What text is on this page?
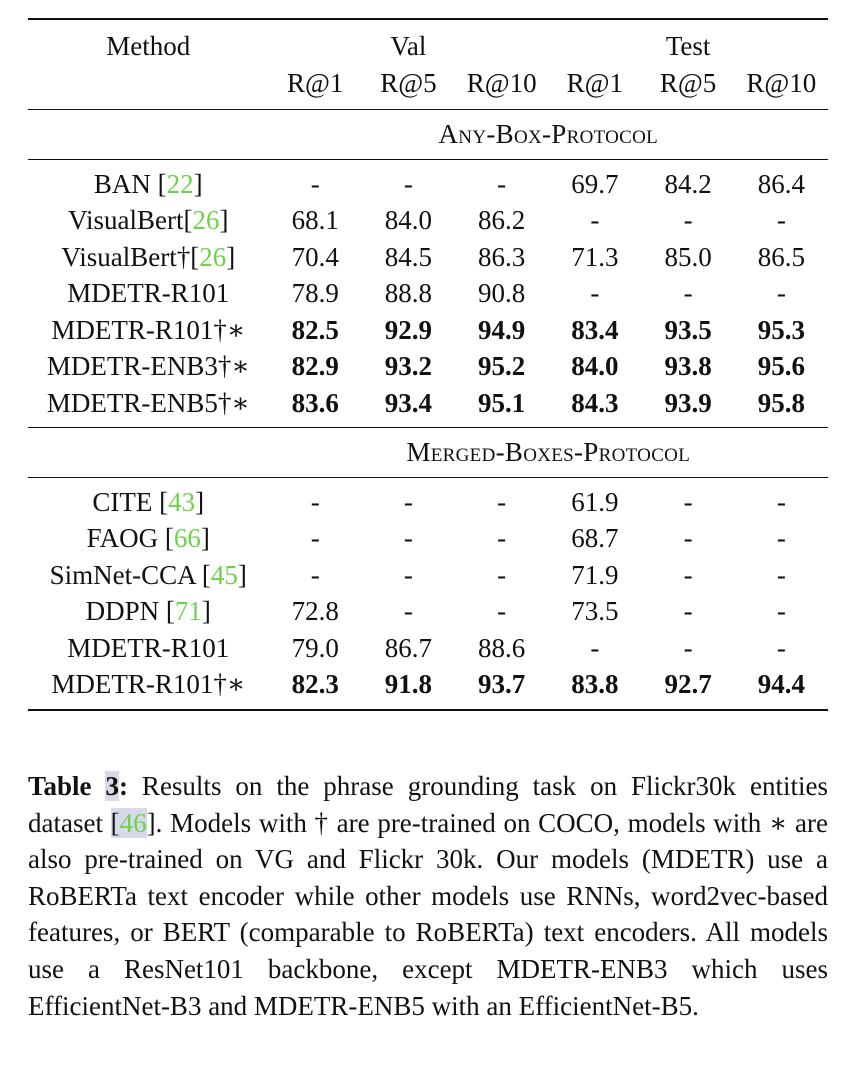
Method	Val			Test		
	R@1	R@5	R@10	R@1	R@5	R@10
	Any-Box-Protocol					
BAN [22]	-	-	-	69.7	84.2	86.4
VisualBert[26]	68.1	84.0	86.2	-	-	-
VisualBert†[26]	70.4	84.5	86.3	71.3	85.0	86.5
MDETR-R101	78.9	88.8	90.8	-	-	-
MDETR-R101†∗	82.5	92.9	94.9	83.4	93.5	95.3
MDETR-ENB3†∗	82.9	93.2	95.2	84.0	93.8	95.6
MDETR-ENB5†∗	83.6	93.4	95.1	84.3	93.9	95.8
	Merged-Boxes-Protocol					
CITE [43]	-	-	-	61.9	-	-
FAOG [66]	-	-	-	68.7	-	-
SimNet-CCA [45]	-	-	-	71.9	-	-
DDPN [71]	72.8	-	-	73.5	-	-
MDETR-R101	79.0	86.7	88.6	-	-	-
MDETR-R101†∗	82.3	91.8	93.7	83.8	92.7	94.4
Table 3: Results on the phrase grounding task on Flickr30k entities dataset [46]. Models with † are pre-trained on COCO, models with ∗ are also pre-trained on VG and Flickr 30k. Our models (MDETR) use a RoBERTa text encoder while other models use RNNs, word2vec-based features, or BERT (comparable to RoBERTa) text encoders. All models use a ResNet101 backbone, except MDETR-ENB3 which uses EfficientNet-B3 and MDETR-ENB5 with an EfficientNet-B5.
